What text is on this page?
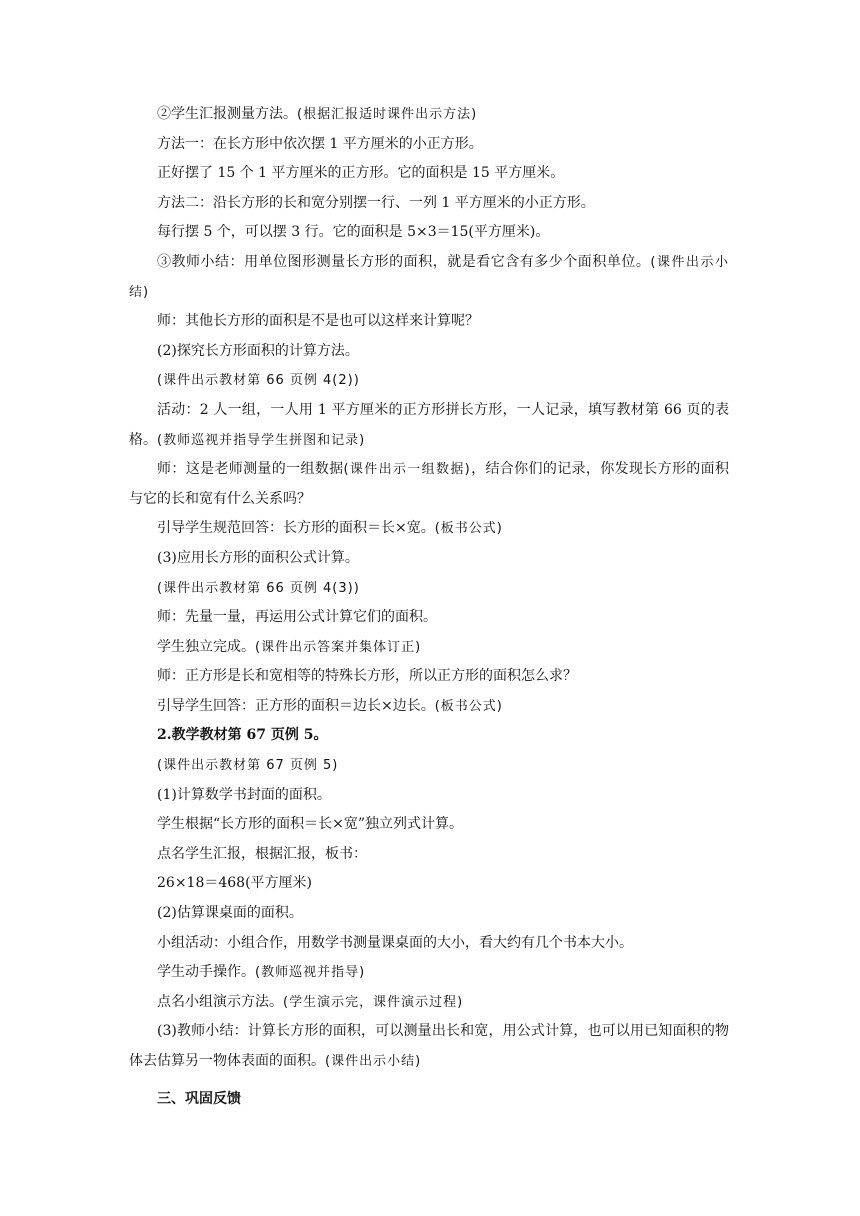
②学生汇报测量方法。(根据汇报适时课件出示方法)

方法一：在长方形中依次摆 1 平方厘米的小正方形。

正好摆了 15 个 1 平方厘米的正方形。它的面积是 15 平方厘米。

方法二：沿长方形的长和宽分别摆一行、一列 1 平方厘米的小正方形。

每行摆 5 个，可以摆 3 行。它的面积是 5×3＝15(平方厘米)。

③教师小结：用单位图形测量长方形的面积，就是看它含有多少个面积单位。(课件出示小结)

师：其他长方形的面积是不是也可以这样来计算呢？

(2)探究长方形面积的计算方法。

(课件出示教材第 66 页例 4(2))

活动：2 人一组，一人用 1 平方厘米的正方形拼长方形，一人记录，填写教材第 66 页的表格。(教师巡视并指导学生拼图和记录)

师：这是老师测量的一组数据(课件出示一组数据)，结合你们的记录，你发现长方形的面积与它的长和宽有什么关系吗？

引导学生规范回答：长方形的面积＝长×宽。(板书公式)

(3)应用长方形的面积公式计算。

(课件出示教材第 66 页例 4(3))

师：先量一量，再运用公式计算它们的面积。

学生独立完成。(课件出示答案并集体订正)

师：正方形是长和宽相等的特殊长方形，所以正方形的面积怎么求？

引导学生回答：正方形的面积＝边长×边长。(板书公式)

2.教学教材第 67 页例 5。

(课件出示教材第 67 页例 5)

(1)计算数学书封面的面积。

学生根据“长方形的面积＝长×宽”独立列式计算。

点名学生汇报，根据汇报，板书：

26×18＝468(平方厘米)

(2)估算课桌面的面积。

小组活动：小组合作，用数学书测量课桌面的大小，看大约有几个书本大小。

学生动手操作。(教师巡视并指导)

点名小组演示方法。(学生演示完，课件演示过程)

(3)教师小结：计算长方形的面积，可以测量出长和宽，用公式计算，也可以用已知面积的物体去估算另一物体表面的面积。(课件出示小结)

三、巩固反馈
